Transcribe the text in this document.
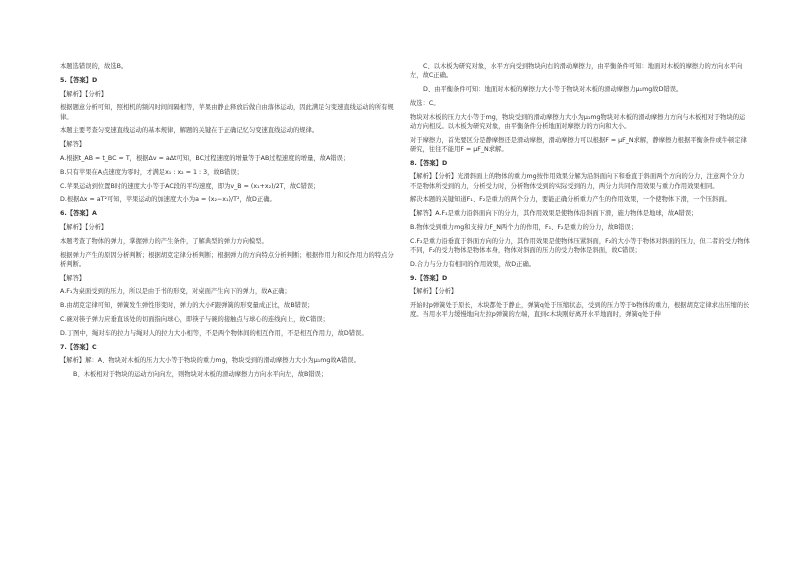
本题选错误的，故选B。

5.【答案】D

【解析】【分析】

根据题意分析可知，照相机的频闪时间间隔相等，苹果由静止释放后做自由落体运动，因此满足匀变速直线运动的所有规律。

本题主要考查匀变速直线运动的基本规律，解题的关键在于正确记忆匀变速直线运动的规律。

【解答】

A.根据t_AB = t_BC = T，根据Δv = aΔt可知，BC过程速度的增量等于AB过程速度的增量，故A错误；

B.只有苹果在A点速度为零时，才满足x₁ : x₂ = 1 : 3，故B错误；

C.苹果运动到位置B时的速度大小等于AC段的平均速度，即为v_B = (x₁+x₂)/2T，故C错误；

D.根据Δx = aT²可知，苹果运动的加速度大小为a = (x₂−x₁)/T²，故D正确。

6.【答案】A

【解析】【分析】

本题考查了物体的弹力，掌握弹力的产生条件，了解典型的弹力方向模型。

根据弹力产生的原因分析判断；根据胡克定律分析判断；根据弹力的方向特点分析判断；根据作用力和反作用力的特点分析判断。

【解答】

A.F₁为桌面受到的压力，所以是由于书的形变，对桌面产生向下的弹力，故A正确；

B.由胡克定律可知，弹簧发生弹性形变时，弹力的大小F跟弹簧的形变量成正比，故B错误；

C.碗对筷子弹力应垂直该处的切面指向球心，即筷子与碗的接触点与球心的连线向上，故C错误；

D.丁图中，绳对车的拉力与绳对人的拉力大小相等，不是两个物体间的相互作用，不是相互作用力，故D错误。

7.【答案】C

【解析】解：A、物块对木板的压力大小等于物块的重力mg，物块受到的滑动摩擦力大小为μ₁mg故A错误。

B、木板相对于物块的运动方向向左，则物块对木板的滑动摩擦力方向水平向左，故B错误；

C、以木板为研究对象，水平方向受到物块向右的滑动摩擦力，由平衡条件可知：地面对木板的摩擦力的方向水平向左，故C正确。

D、由平衡条件可知：地面对木板的摩擦力大小等于物块对木板的滑动摩擦力μ₁mg故D错误。

故选：C。

物块对木板的压力大小等于mg，物块受到的滑动摩擦力大小为μ₁mg物块对木板的滑动摩擦力方向与木板相对于物块的运动方向相反。以木板为研究对象，由平衡条件分析地面对摩擦力的方向和大小。

对于摩擦力，首先要区分是静摩擦还是滑动摩擦，滑动摩擦力可以根据F = μF_N求解，静摩擦力根据平衡条件或牛顿定律研究，往往不能用F = μF_N求解。

8.【答案】D

【解析】【分析】光滑斜面上的物体的重力mg按作用效果分解为沿斜面向下和垂直于斜面两个方向的分力，注意两个分力不是物体所受到的力，分析受力时，分析物体受到的实际受到的力，两分力共同作用效果与重力作用效果相同。

解决本题的关键知道F₁、F₂是重力的两个分力，要能正确分析重力产生的作用效果，一个使物体下滑，一个压斜面。

【解答】A.F₁是重力沿斜面向下的分力，其作用效果是使物体沿斜面下滑，施力物体是地球，故A错误；

B.物体受到重力mg和支持力F_N两个力的作用，F₁、F₂是重力的分力，故B错误；

C.F₂是重力沿垂直于斜面方向的分力，其作用效果是使物体压紧斜面，F₂的大小等于物体对斜面的压力，但二者的受力物体不同，F₂的受力物体是物体本身，物体对斜面的压力的受力物体是斜面，故C错误；

D.合力与分力有相同的作用效果，故D正确。

9.【答案】D

【解析】【分析】

开始时p弹簧处于原长，木块都处于静止，弹簧q处于压缩状态，受到的压力等于b物体的重力，根据胡克定律求出压缩的长度。当用水平力缓慢地向左拉p弹簧的左端，直到c木块刚好离开水平地面时，弹簧q处于伸
